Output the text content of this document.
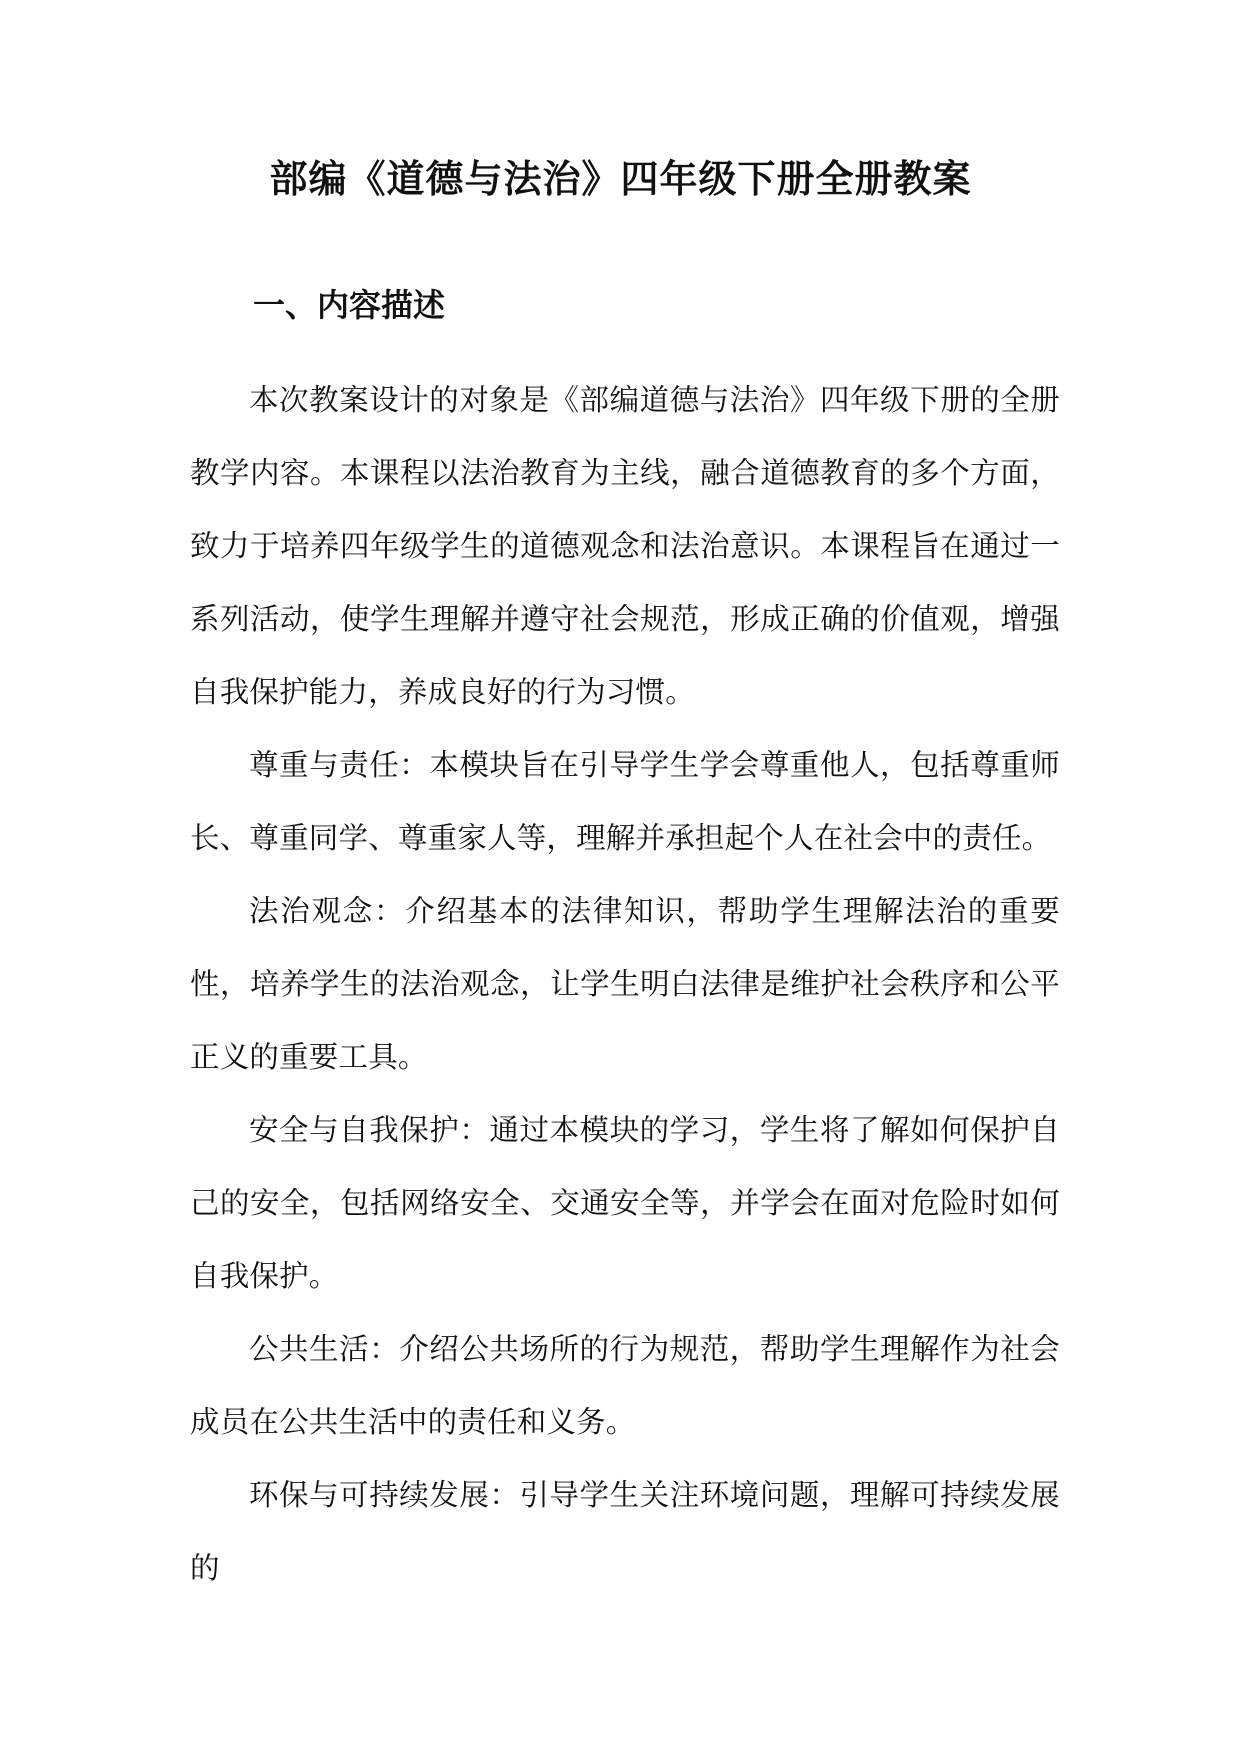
部编《道德与法治》四年级下册全册教案
一、内容描述

本次教案设计的对象是《部编道德与法治》四年级下册的全册教学内容。本课程以法治教育为主线，融合道德教育的多个方面，致力于培养四年级学生的道德观念和法治意识。本课程旨在通过一系列活动，使学生理解并遵守社会规范，形成正确的价值观，增强自我保护能力，养成良好的行为习惯。

尊重与责任：本模块旨在引导学生学会尊重他人，包括尊重师长、尊重同学、尊重家人等，理解并承担起个人在社会中的责任。

法治观念：介绍基本的法律知识，帮助学生理解法治的重要性，培养学生的法治观念，让学生明白法律是维护社会秩序和公平正义的重要工具。

安全与自我保护：通过本模块的学习，学生将了解如何保护自己的安全，包括网络安全、交通安全等，并学会在面对危险时如何自我保护。

公共生活：介绍公共场所的行为规范，帮助学生理解作为社会成员在公共生活中的责任和义务。

环保与可持续发展：引导学生关注环境问题，理解可持续发展的
